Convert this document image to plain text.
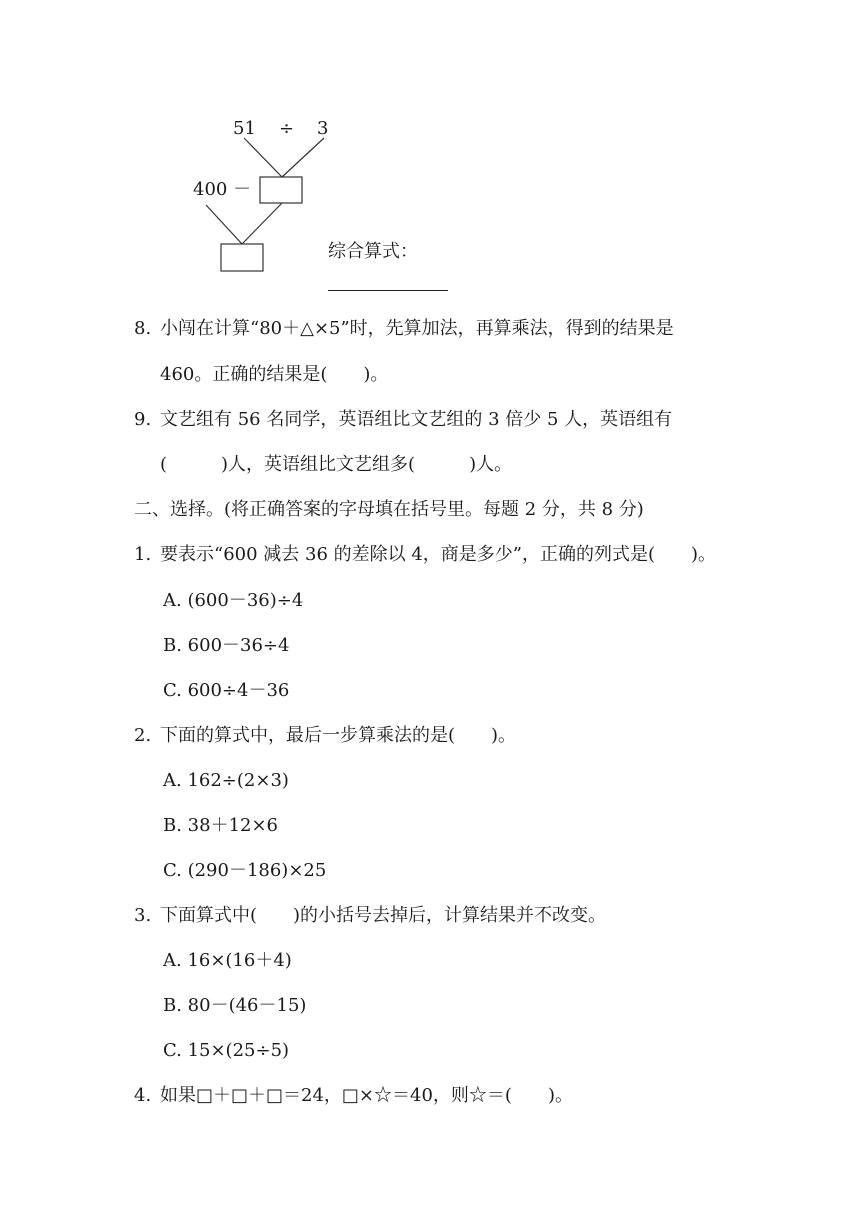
51 ÷ 3
400 －
综合算式：
8. 小闯在计算“80＋△×5”时，先算加法，再算乘法，得到的结果是
460。正确的结果是(　　)。
9. 文艺组有 56 名同学，英语组比文艺组的 3 倍少 5 人，英语组有
(　　　)人，英语组比文艺组多(　　　)人。
二、选择。(将正确答案的字母填在括号里。每题 2 分，共 8 分)
1. 要表示“600 减去 36 的差除以 4，商是多少”，正确的列式是(　　)。
A. (600－36)÷4
B. 600－36÷4
C. 600÷4－36
2. 下面的算式中，最后一步算乘法的是(　　)。
A. 162÷(2×3)
B. 38＋12×6
C. (290－186)×25
3. 下面算式中(　　)的小括号去掉后，计算结果并不改变。
A. 16×(16＋4)
B. 80－(46－15)
C. 15×(25÷5)
4. 如果□＋□＋□＝24，□×☆＝40，则☆＝(　　)。
